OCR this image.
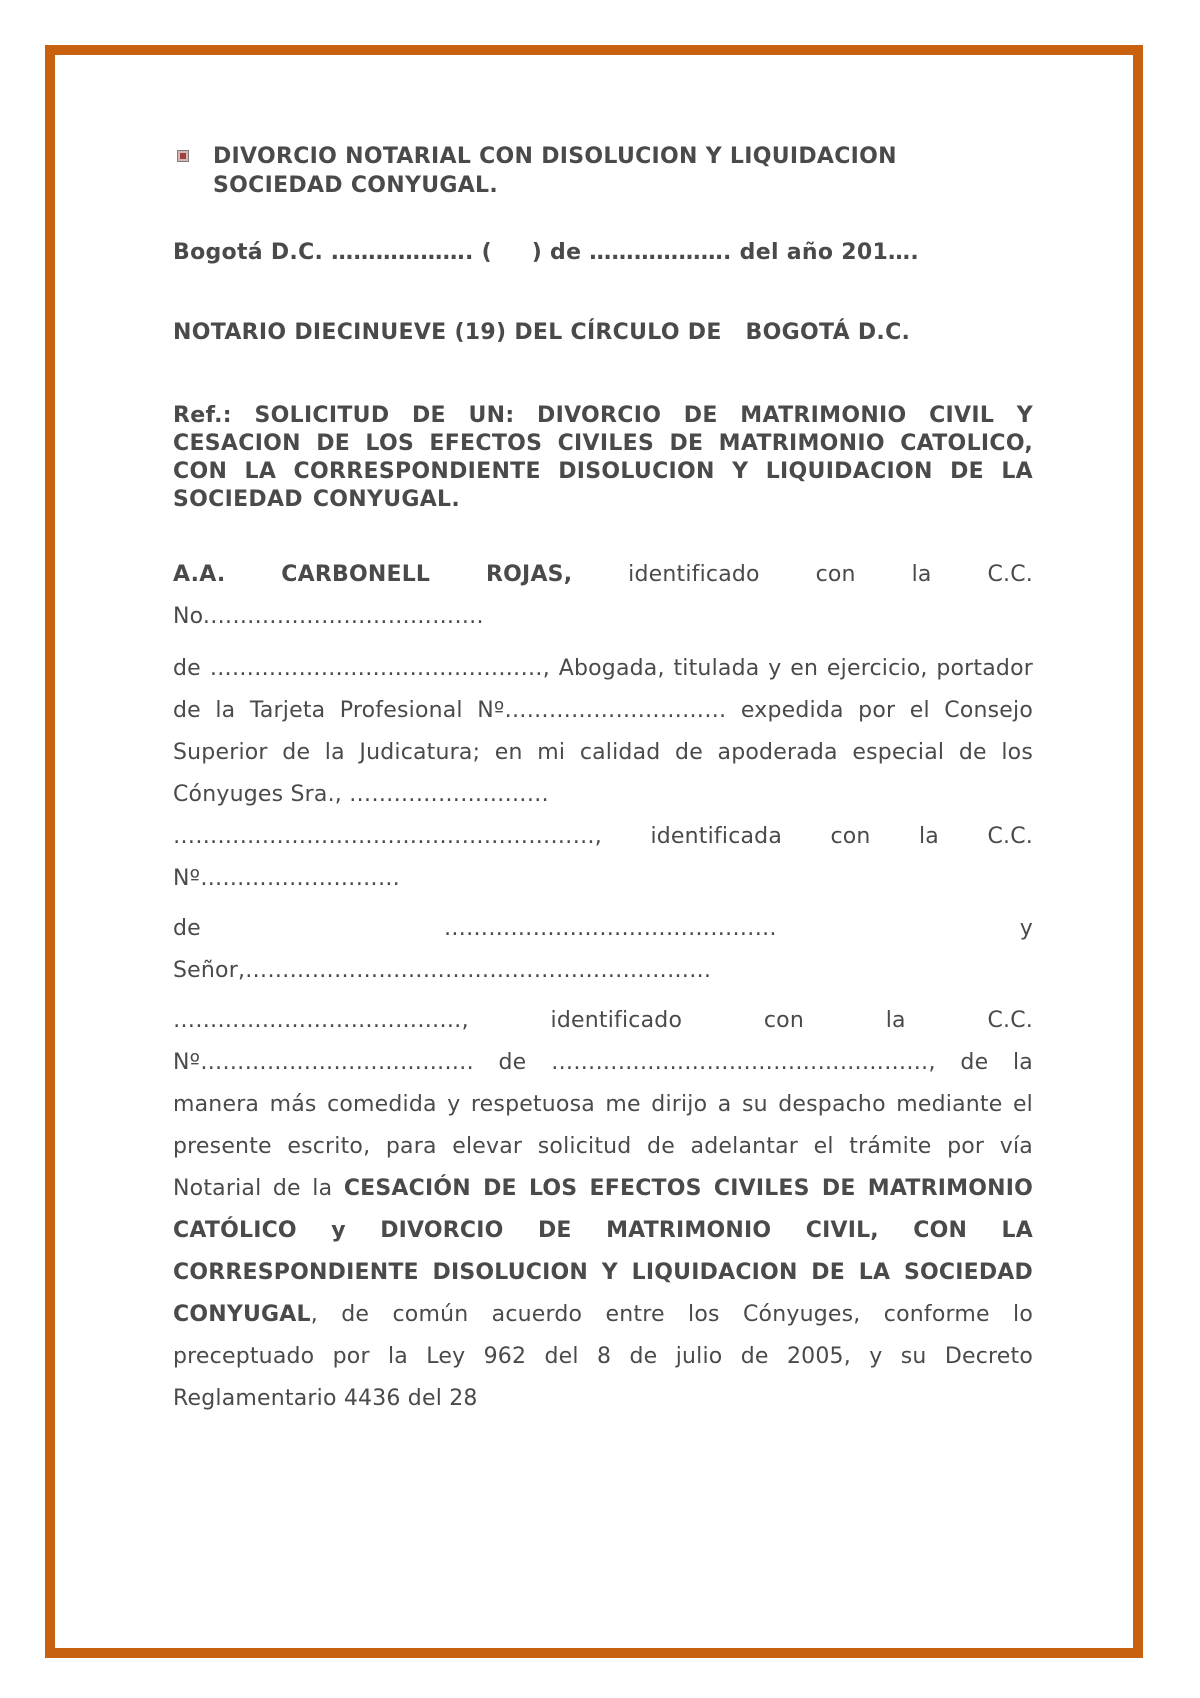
DIVORCIO NOTARIAL CON DISOLUCION Y LIQUIDACION
SOCIEDAD CONYUGAL.
Bogotá D.C. ………………. (     ) de ………………. del año 201….
NOTARIO DIECINUEVE (19) DEL CÍRCULO DE   BOGOTÁ D.C.
Ref.: SOLICITUD DE UN: DIVORCIO DE MATRIMONIO CIVIL Y CESACION DE LOS EFECTOS CIVILES DE MATRIMONIO CATOLICO, CON LA CORRESPONDIENTE DISOLUCION Y LIQUIDACION DE LA SOCIEDAD CONYUGAL.
A.A.	CARBONELL	ROJAS,	identificado	con	la	C.C.
No.……………………………….
de ………………………………………, Abogada, titulada y en ejercicio, portador de la Tarjeta Profesional Nº………………………… expedida por el Consejo Superior de la Judicatura; en mi calidad de apoderada especial de los Cónyuges Sra., ………………………
…………………………………………………, identificada con la C.C.
Nº………………………
de	………………………………………	y
Señor,………………………………………………………
…………………………………,	identificado	con	la	C.C.
Nº………………………………. de ……………………………………………, de la manera más comedida y respetuosa me dirijo a su despacho mediante el presente escrito, para elevar solicitud de adelantar el trámite por vía Notarial de la CESACIÓN DE LOS EFECTOS CIVILES DE MATRIMONIO CATÓLICO y DIVORCIO DE MATRIMONIO CIVIL, CON LA CORRESPONDIENTE DISOLUCION Y LIQUIDACION DE LA SOCIEDAD CONYUGAL, de común acuerdo entre los Cónyuges, conforme lo preceptuado por la Ley 962 del 8 de julio de 2005, y su Decreto Reglamentario 4436 del 28
